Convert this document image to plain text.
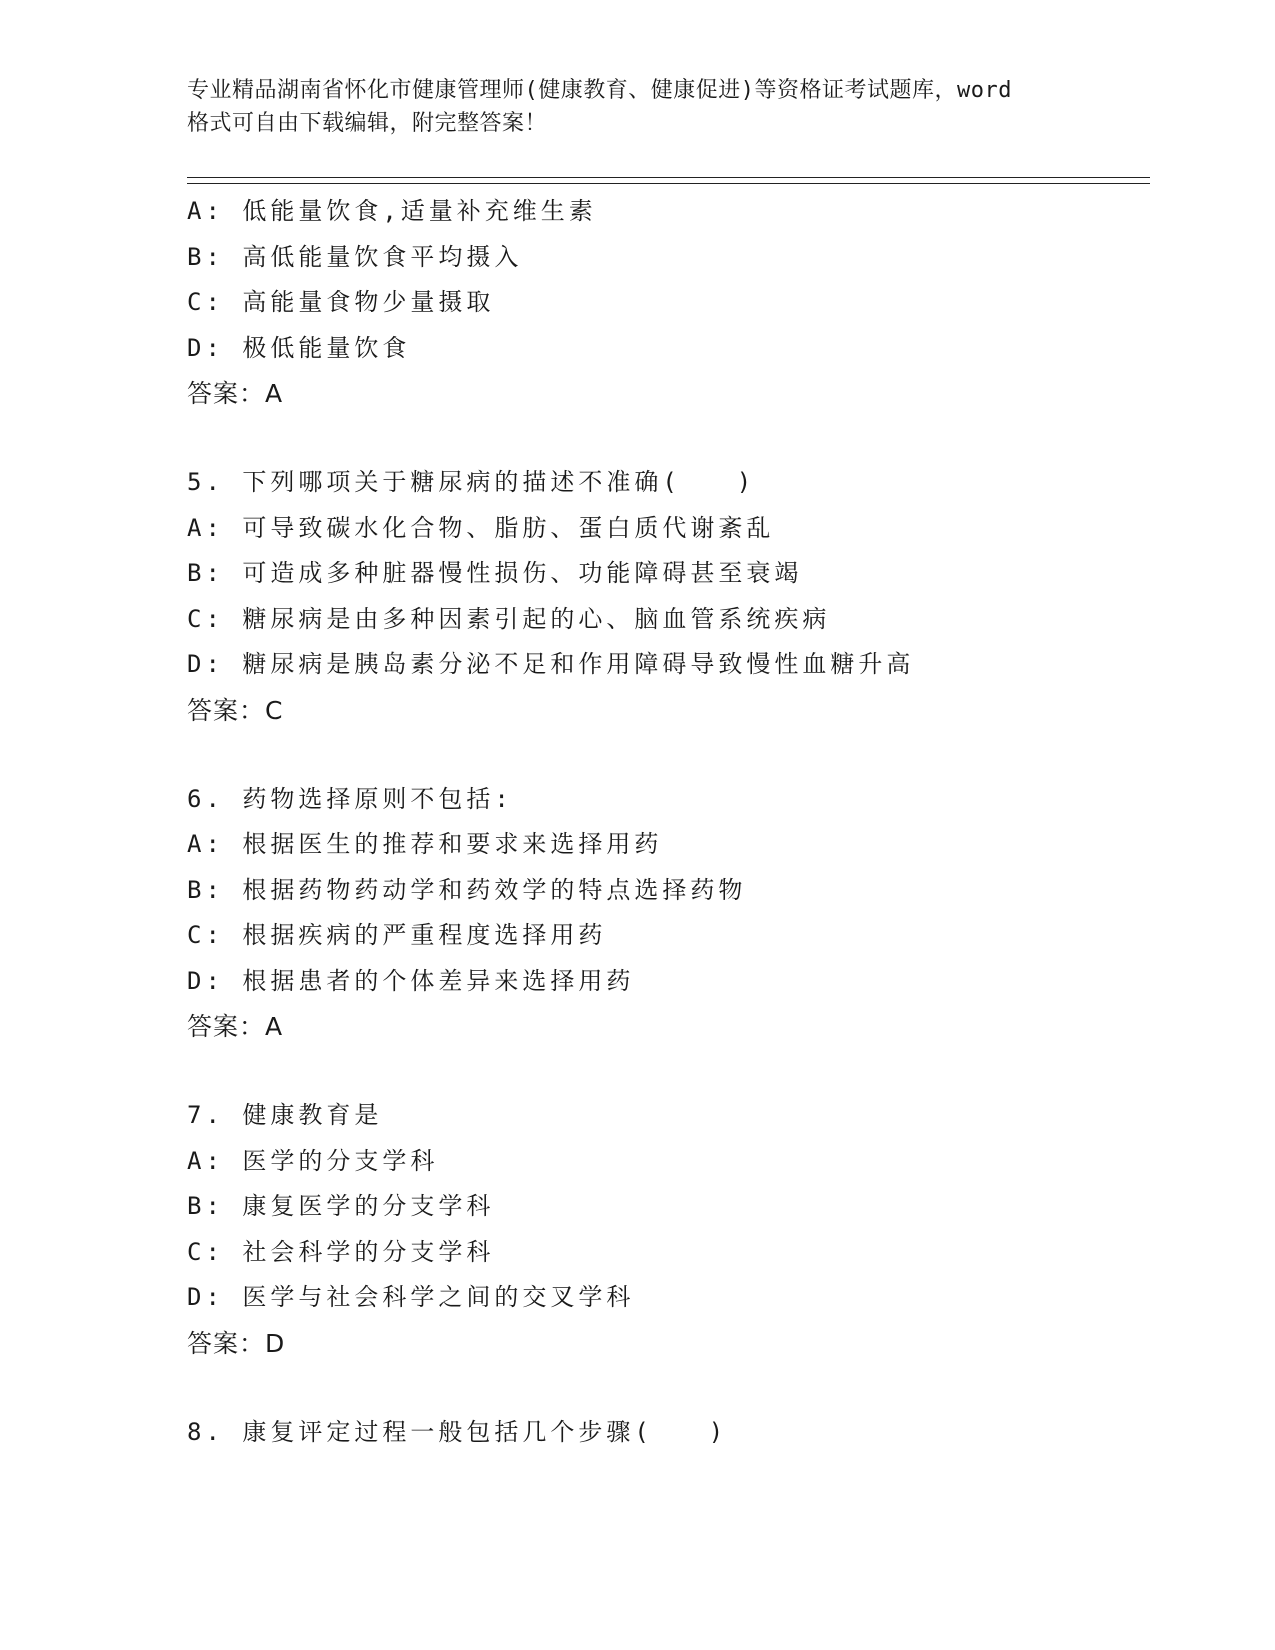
专业精品湖南省怀化市健康管理师(健康教育、健康促进)等资格证考试题库，word
格式可自由下载编辑，附完整答案！
A: 低能量饮食,适量补充维生素
B: 高低能量饮食平均摄入
C: 高能量食物少量摄取
D: 极低能量饮食
答案：A
5. 下列哪项关于糖尿病的描述不准确(　　)
A: 可导致碳水化合物、脂肪、蛋白质代谢紊乱
B: 可造成多种脏器慢性损伤、功能障碍甚至衰竭
C: 糖尿病是由多种因素引起的心、脑血管系统疾病
D: 糖尿病是胰岛素分泌不足和作用障碍导致慢性血糖升高
答案：C
6. 药物选择原则不包括:
A: 根据医生的推荐和要求来选择用药
B: 根据药物药动学和药效学的特点选择药物
C: 根据疾病的严重程度选择用药
D: 根据患者的个体差异来选择用药
答案：A
7. 健康教育是
A: 医学的分支学科
B: 康复医学的分支学科
C: 社会科学的分支学科
D: 医学与社会科学之间的交叉学科
答案：D
8. 康复评定过程一般包括几个步骤(　　)
